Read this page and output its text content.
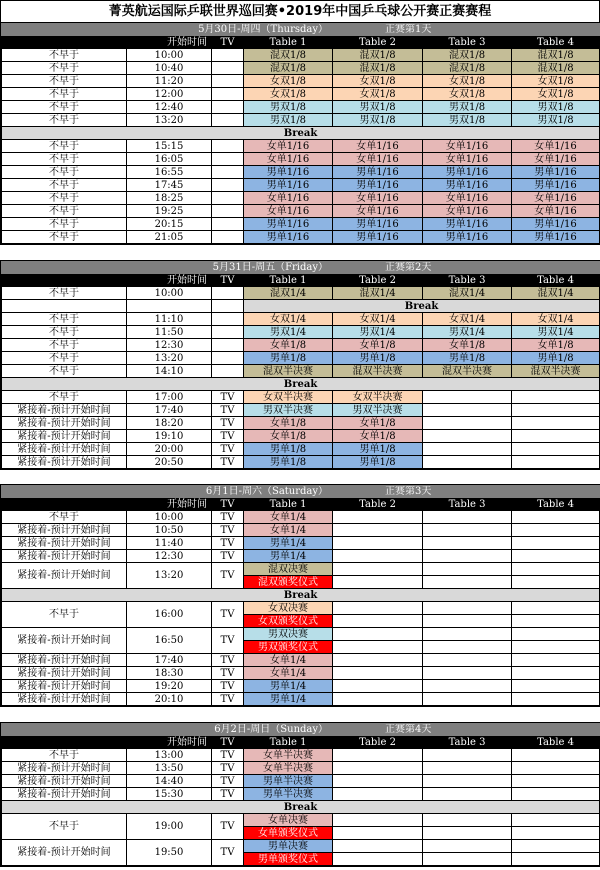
菁英航运国际乒联世界巡回赛•2019年中国乒乓球公开赛正赛赛程
5月30日-周四（Thursday）				正赛第1天		
开始时间		TV	Table 1	Table 2	Table 3	Table 4
不早于	10:00		混双1/8	混双1/8	混双1/8	混双1/8
不早于	10:40		混双1/8	混双1/8	混双1/8	混双1/8
不早于	11:20		女双1/8	女双1/8	女双1/8	女双1/8
不早于	12:00		女双1/8	女双1/8	女双1/8	女双1/8
不早于	12:40		男双1/8	男双1/8	男双1/8	男双1/8
不早于	13:20		男双1/8	男双1/8	男双1/8	男双1/8
Break						
不早于	15:15		女单1/16	女单1/16	女单1/16	女单1/16
不早于	16:05		女单1/16	女单1/16	女单1/16	女单1/16
不早于	16:55		男单1/16	男单1/16	男单1/16	男单1/16
不早于	17:45		男单1/16	男单1/16	男单1/16	男单1/16
不早于	18:25		女单1/16	女单1/16	女单1/16	女单1/16
不早于	19:25		女单1/16	女单1/16	女单1/16	女单1/16
不早于	20:15		男单1/16	男单1/16	男单1/16	男单1/16
不早于	21:05		男单1/16	男单1/16	男单1/16	男单1/16
5月31日-周五（Friday）				正赛第2天		
开始时间		TV	Table 1	Table 2	Table 3	Table 4
不早于	10:00		混双1/4	混双1/4	混双1/4	混双1/4
			Break			
不早于	11:10		女双1/4	女双1/4	女双1/4	女双1/4
不早于	11:50		男双1/4	男双1/4	男双1/4	男双1/4
不早于	12:30		女单1/8	女单1/8	女单1/8	女单1/8
不早于	13:20		男单1/8	男单1/8	男单1/8	男单1/8
不早于	14:10		混双半决赛	混双半决赛	混双半决赛	混双半决赛
Break						
不早于	17:00	TV	女双半决赛	女双半决赛		
紧接着-预计开始时间	17:40	TV	男双半决赛	男双半决赛		
紧接着-预计开始时间	18:20	TV	女单1/8	女单1/8		
紧接着-预计开始时间	19:10	TV	女单1/8	女单1/8		
紧接着-预计开始时间	20:00	TV	男单1/8	男单1/8		
紧接着-预计开始时间	20:50	TV	男单1/8	男单1/8		
6月1日-周六（Saturday）				正赛第3天		
开始时间		TV	Table 1	Table 2	Table 3	Table 4
不早于	10:00	TV	女单1/4			
紧接着-预计开始时间	10:50	TV	女单1/4			
紧接着-预计开始时间	11:40	TV	男单1/4			
紧接着-预计开始时间	12:30	TV	男单1/4			
紧接着-预计开始时间	13:20	TV	混双决赛			
			混双颁奖仪式			
Break						
不早于	16:00	TV	女双决赛			
			女双颁奖仪式			
紧接着-预计开始时间	16:50	TV	男双决赛			
			男双颁奖仪式			
紧接着-预计开始时间	17:40	TV	女单1/4			
紧接着-预计开始时间	18:30	TV	女单1/4			
紧接着-预计开始时间	19:20	TV	男单1/4			
紧接着-预计开始时间	20:10	TV	男单1/4			
6月2日-周日（Sunday）				正赛第4天		
开始时间		TV	Table 1	Table 2	Table 3	Table 4
不早于	13:00	TV	女单半决赛			
紧接着-预计开始时间	13:50	TV	女单半决赛			
紧接着-预计开始时间	14:40	TV	男单半决赛			
紧接着-预计开始时间	15:30	TV	男单半决赛			
Break						
不早于	19:00	TV	女单决赛			
			女单颁奖仪式			
紧接着-预计开始时间	19:50	TV	男单决赛			
			男单颁奖仪式			
